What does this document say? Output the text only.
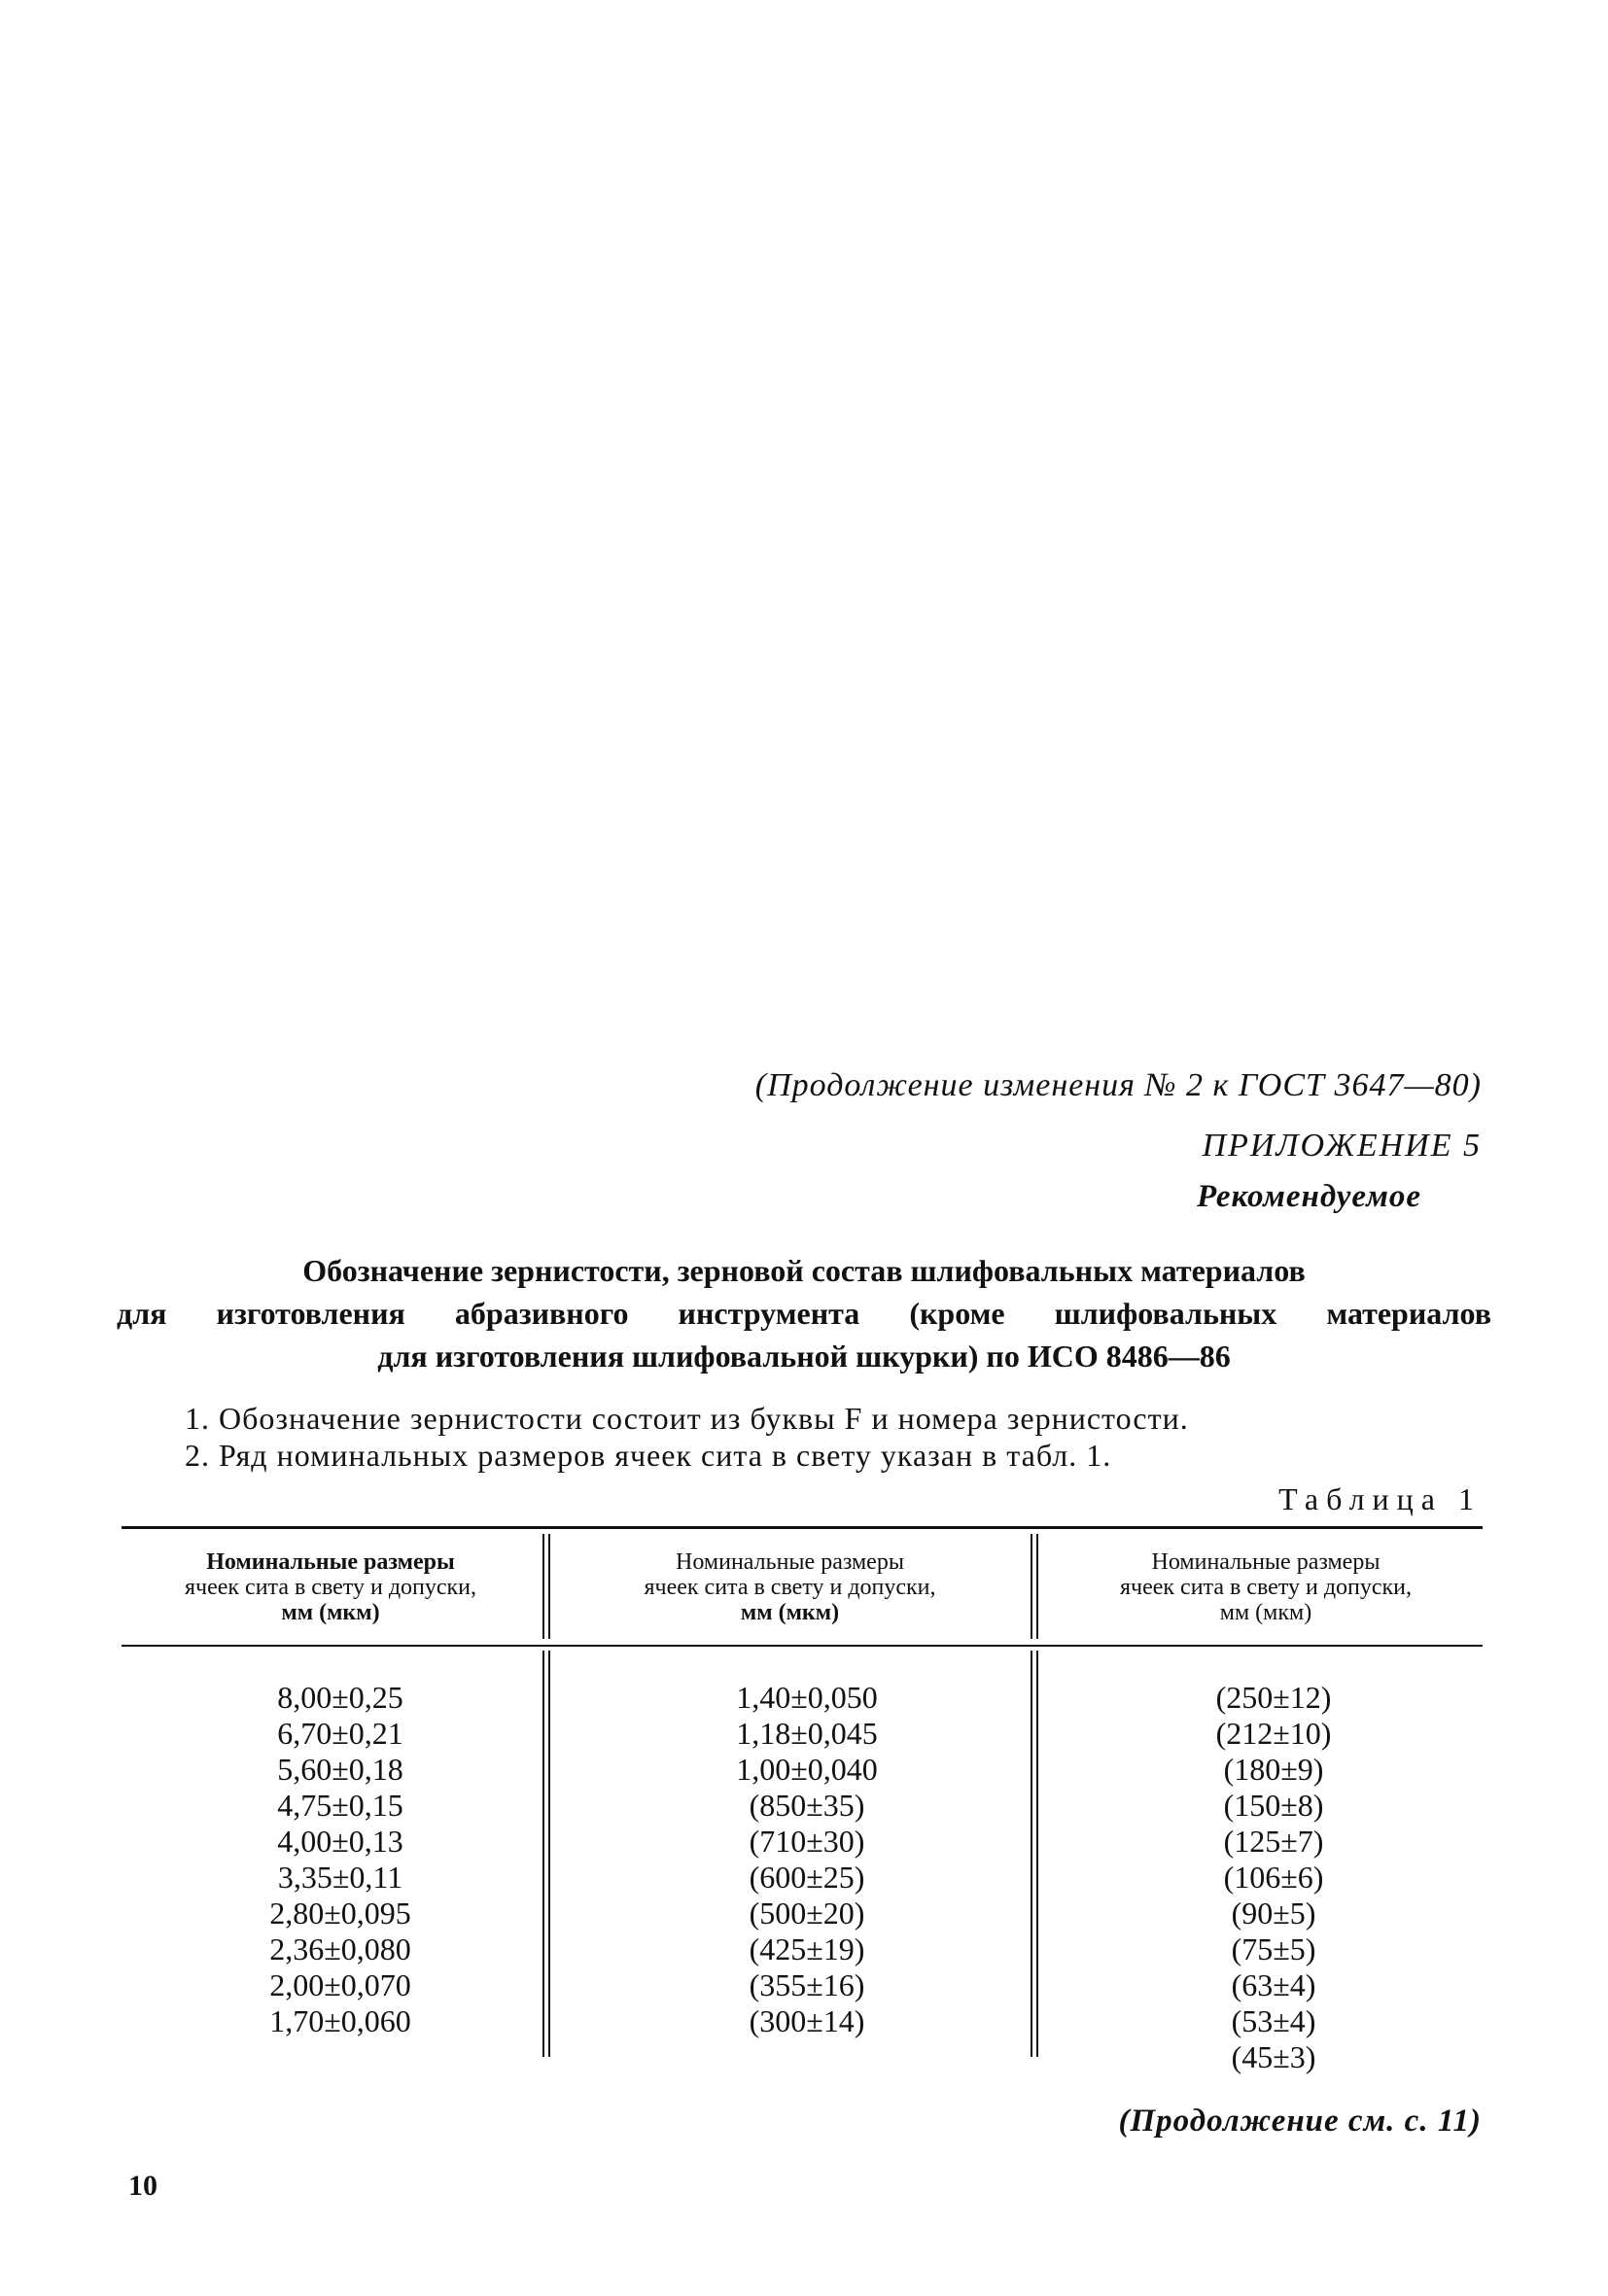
(Продолжение изменения № 2 к ГОСТ 3647—80)
ПРИЛОЖЕНИЕ 5
Рекомендуемое
Обозначение зернистости, зерновой состав шлифовальных материалов
для изготовления абразивного инструмента (кроме шлифовальных материалов
для изготовления шлифовальной шкурки) по ИСО 8486—86
1. Обозначение зернистости состоит из буквы F и номера зернистости.
2. Ряд номинальных размеров ячеек сита в свету указан в табл. 1.
Таблица 1
Номинальные размеры
ячеек сита в свету и допуски,
мм (мкм)
Номинальные размеры
ячеек сита в свету и допуски,
мм (мкм)
Номинальные размеры
ячеек сита в свету и допуски,
мм (мкм)
8,00±0,25
6,70±0,21
5,60±0,18
4,75±0,15
4,00±0,13
3,35±0,11
2,80±0,095
2,36±0,080
2,00±0,070
1,70±0,060
1,40±0,050
1,18±0,045
1,00±0,040
(850±35)
(710±30)
(600±25)
(500±20)
(425±19)
(355±16)
(300±14)
(250±12)
(212±10)
(180±9)
(150±8)
(125±7)
(106±6)
(90±5)
(75±5)
(63±4)
(53±4)
(45±3)
(Продолжение см. с. 11)
10
